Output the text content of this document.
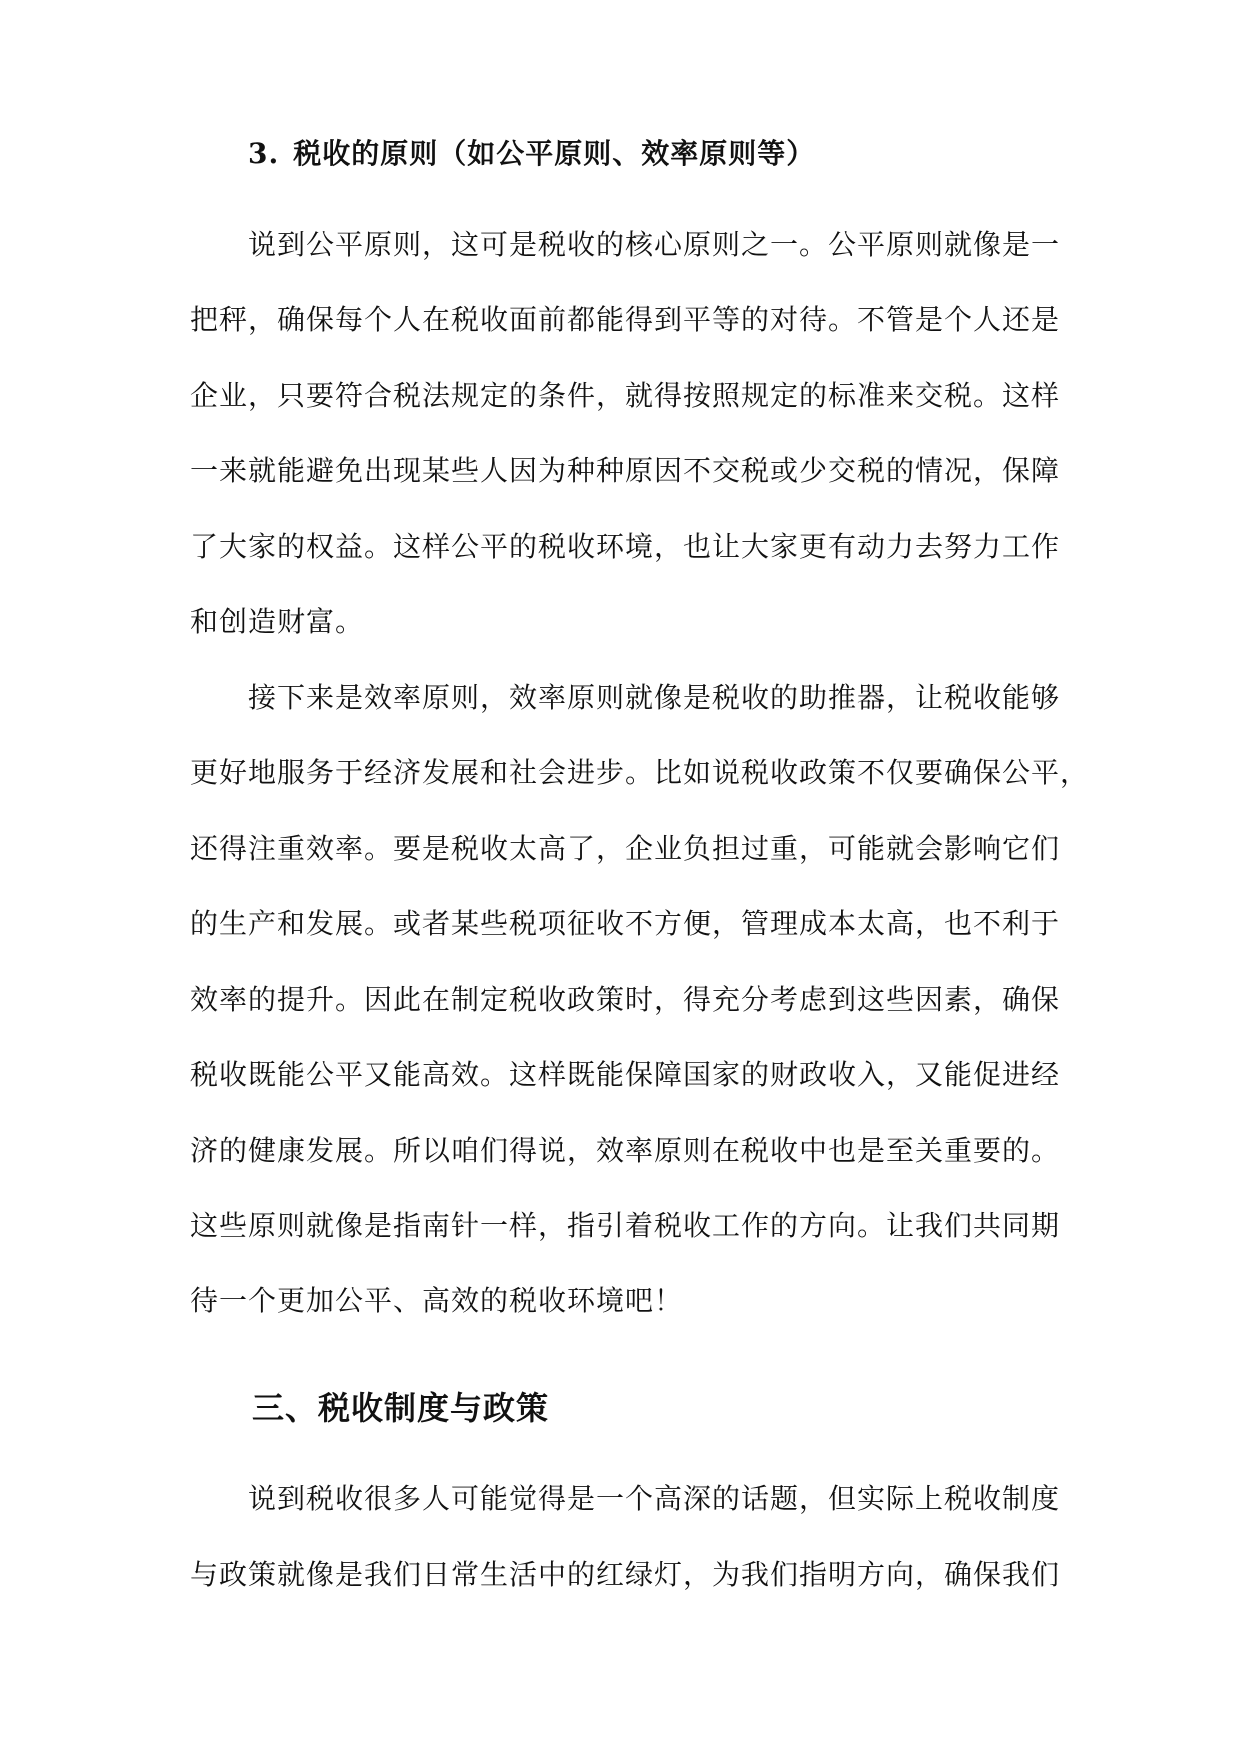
3. 税收的原则（如公平原则、效率原则等）
说到公平原则，这可是税收的核心原则之一。公平原则就像是一
把秤，确保每个人在税收面前都能得到平等的对待。不管是个人还是
企业，只要符合税法规定的条件，就得按照规定的标准来交税。这样
一来就能避免出现某些人因为种种原因不交税或少交税的情况，保障
了大家的权益。这样公平的税收环境，也让大家更有动力去努力工作
和创造财富。
接下来是效率原则，效率原则就像是税收的助推器，让税收能够
更好地服务于经济发展和社会进步。比如说税收政策不仅要确保公平，
还得注重效率。要是税收太高了，企业负担过重，可能就会影响它们
的生产和发展。或者某些税项征收不方便，管理成本太高，也不利于
效率的提升。因此在制定税收政策时，得充分考虑到这些因素，确保
税收既能公平又能高效。这样既能保障国家的财政收入，又能促进经
济的健康发展。所以咱们得说，效率原则在税收中也是至关重要的。
这些原则就像是指南针一样，指引着税收工作的方向。让我们共同期
待一个更加公平、高效的税收环境吧！
三、税收制度与政策
说到税收很多人可能觉得是一个高深的话题，但实际上税收制度
与政策就像是我们日常生活中的红绿灯，为我们指明方向，确保我们
